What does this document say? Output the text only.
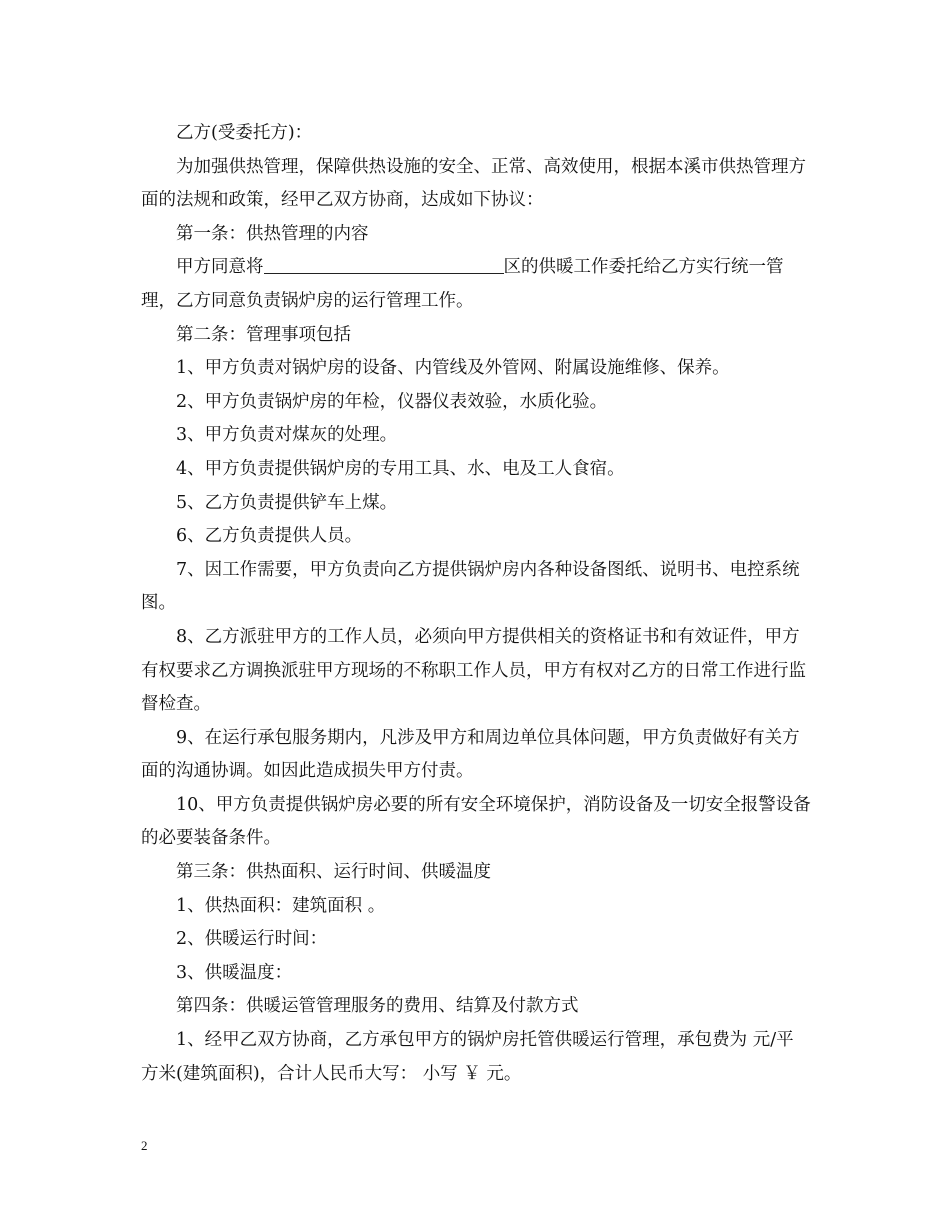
乙方(受委托方)：

为加强供热管理，保障供热设施的安全、正常、高效使用，根据本溪市供热管理方面的法规和政策，经甲乙双方协商，达成如下协议：

第一条：供热管理的内容

甲方同意将	区的供暖工作委托给乙方实行统一管理，乙方同意负责锅炉房的运行管理工作。

第二条：管理事项包括

1、甲方负责对锅炉房的设备、内管线及外管网、附属设施维修、保养。

2、甲方负责锅炉房的年检，仪器仪表效验，水质化验。

3、甲方负责对煤灰的处理。

4、甲方负责提供锅炉房的专用工具、水、电及工人食宿。

5、乙方负责提供铲车上煤。

6、乙方负责提供人员。

7、因工作需要，甲方负责向乙方提供锅炉房内各种设备图纸、说明书、电控系统图。

8、乙方派驻甲方的工作人员，必须向甲方提供相关的资格证书和有效证件，甲方有权要求乙方调换派驻甲方现场的不称职工作人员，甲方有权对乙方的日常工作进行监督检查。

9、在运行承包服务期内，凡涉及甲方和周边单位具体问题，甲方负责做好有关方面的沟通协调。如因此造成损失甲方付责。

10、甲方负责提供锅炉房必要的所有安全环境保护，消防设备及一切安全报警设备的必要装备条件。

第三条：供热面积、运行时间、供暖温度

1、供热面积：建筑面积 。

2、供暖运行时间：

3、供暖温度：

第四条：供暖运管管理服务的费用、结算及付款方式

1、经甲乙双方协商，乙方承包甲方的锅炉房托管供暖运行管理，承包费为 元/平方米(建筑面积)，合计人民币大写： 小写 ￥ 元。

2
